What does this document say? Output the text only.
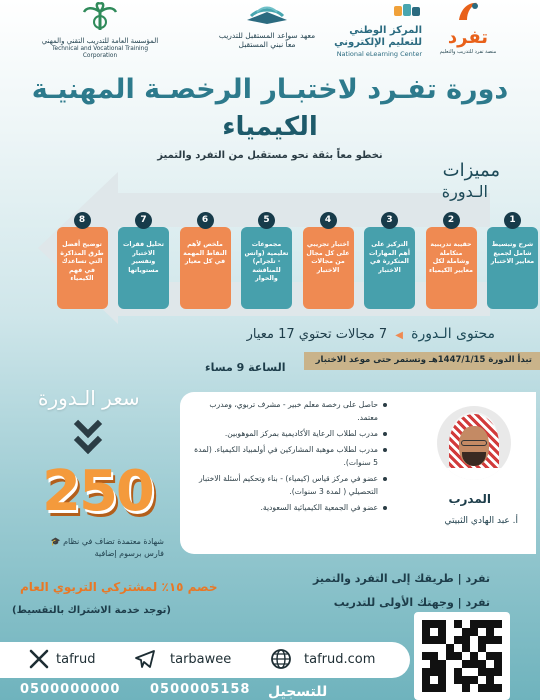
تفرد
منصة تفرد للتدريب والتعليم
المركز الوطني
للتعليم الإلكتروني
National eLearning Center
معهد سواعد المستقبل للتدريب
معاً نبني المستقبل
المؤسسة العامة للتدريب التقني والمهني
Technical and Vocational Training Corporation
دورة تفـرد لاختبـار الرخصـة المهنيـة
الكيمياء
نخطو معاً بثقة نحو مستقبل من التفرد والتميز
مميزات
الـدورة
شرح وتبسيط شامل لجميع معايير الاختبار
1
حقيبة تدريبية متكاملة وشاملة لكل معايير الكيمياء
2
التركيز على أهم المهارات المتكررة في الاختبار
3
اختبار تجريبي على كل مجال من مجالات الاختبار
4
مجموعات تعليمية (واتس - تلجرام) للمناقشة والحوار
5
ملخص لأهم النقاط المهمة في كل معيار
6
تحليل فقرات الاختبار وتفسير مستوياتها
7
توضيح أفضل طرق المذاكرة التي تساعدك في فهم الكيمياء
8
محتوى الـدورة ◀ 7 مجالات تحتوي 17 معيار
تبدأ الدورة 1447/1/15هـ وتستمر حتى موعد الاختبار
الساعة 9 مساء
سعر الـدورة
250
🎓 شهادة معتمدة تضاف في نظام
فارس برسوم إضافية
خصم ١٥٪ لمشتركي التربوي العام
(توجد خدمة الاشتراك بالتقسيط)
حاصل على رخصة معلم خبير - مشرف تربوي، ومدرب معتمد.
مدرب لطلاب الرعاية الأكاديمية بمركز الموهوبين.
مدرب لطلاب موهبة المشاركين في أولمبياد الكيمياء. (لمدة 5 سنوات).
عضو في مركز قياس (كيمياء) - بناء وتحكيم أسئلة الاختبار التحصيلي ( لمدة 3 سنوات).
عضو في الجمعية الكيميائية السعودية.
المدرب
أ. عبد الهادي الثبيتي
تفرد | طريقك إلى التفرد والتميز
تفرد | وجهتك الأولى للتدريب
tafrud	tarbawee	tafrud.com
0500000000 0500005158 للتسجيل
